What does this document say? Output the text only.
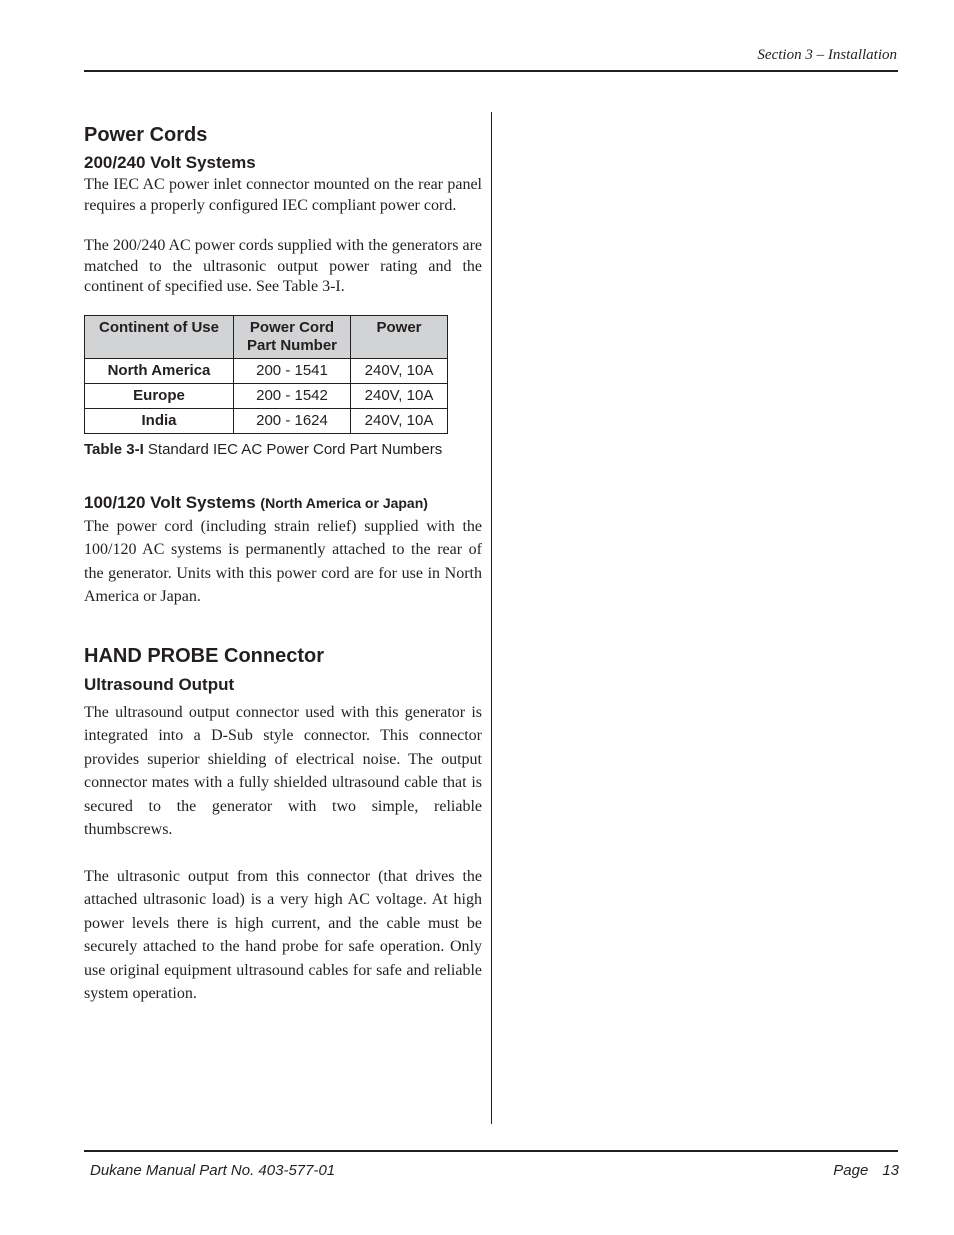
Section 3 – Installation
Power Cords
200/240 Volt Systems

The IEC AC power inlet connector mounted on the rear panel requires a properly configured IEC compliant power cord.

The 200/240 AC power cords supplied with the generators are matched to the ultrasonic output power rating and the continent of specified use. See Table 3-I.

Continent of Use	Power Cord Part Number	Power
North America	200 - 1541	240V, 10A
Europe	200 - 1542	240V, 10A
India	200 - 1624	240V, 10A
Table 3-I Standard IEC AC Power Cord Part Numbers
100/120 Volt Systems (North America or Japan)

The power cord (including strain relief) supplied with the 100/120 AC systems is permanently attached to the rear of the generator. Units with this power cord are for use in North America or Japan.

HAND PROBE Connector
Ultrasound Output

The ultrasound output connector used with this generator is integrated into a D-Sub style connector. This connector provides superior shielding of electrical noise. The output connector mates with a fully shielded ultrasound cable that is secured to the generator with two simple, reliable thumbscrews.

The ultrasonic output from this connector (that drives the attached ultrasonic load) is a very high AC voltage. At high power levels there is high current, and the cable must be securely attached to the hand probe for safe operation. Only use original equipment ultrasound cables for safe and reliable system operation.

Dukane Manual Part No. 403-577-01	Page 13
